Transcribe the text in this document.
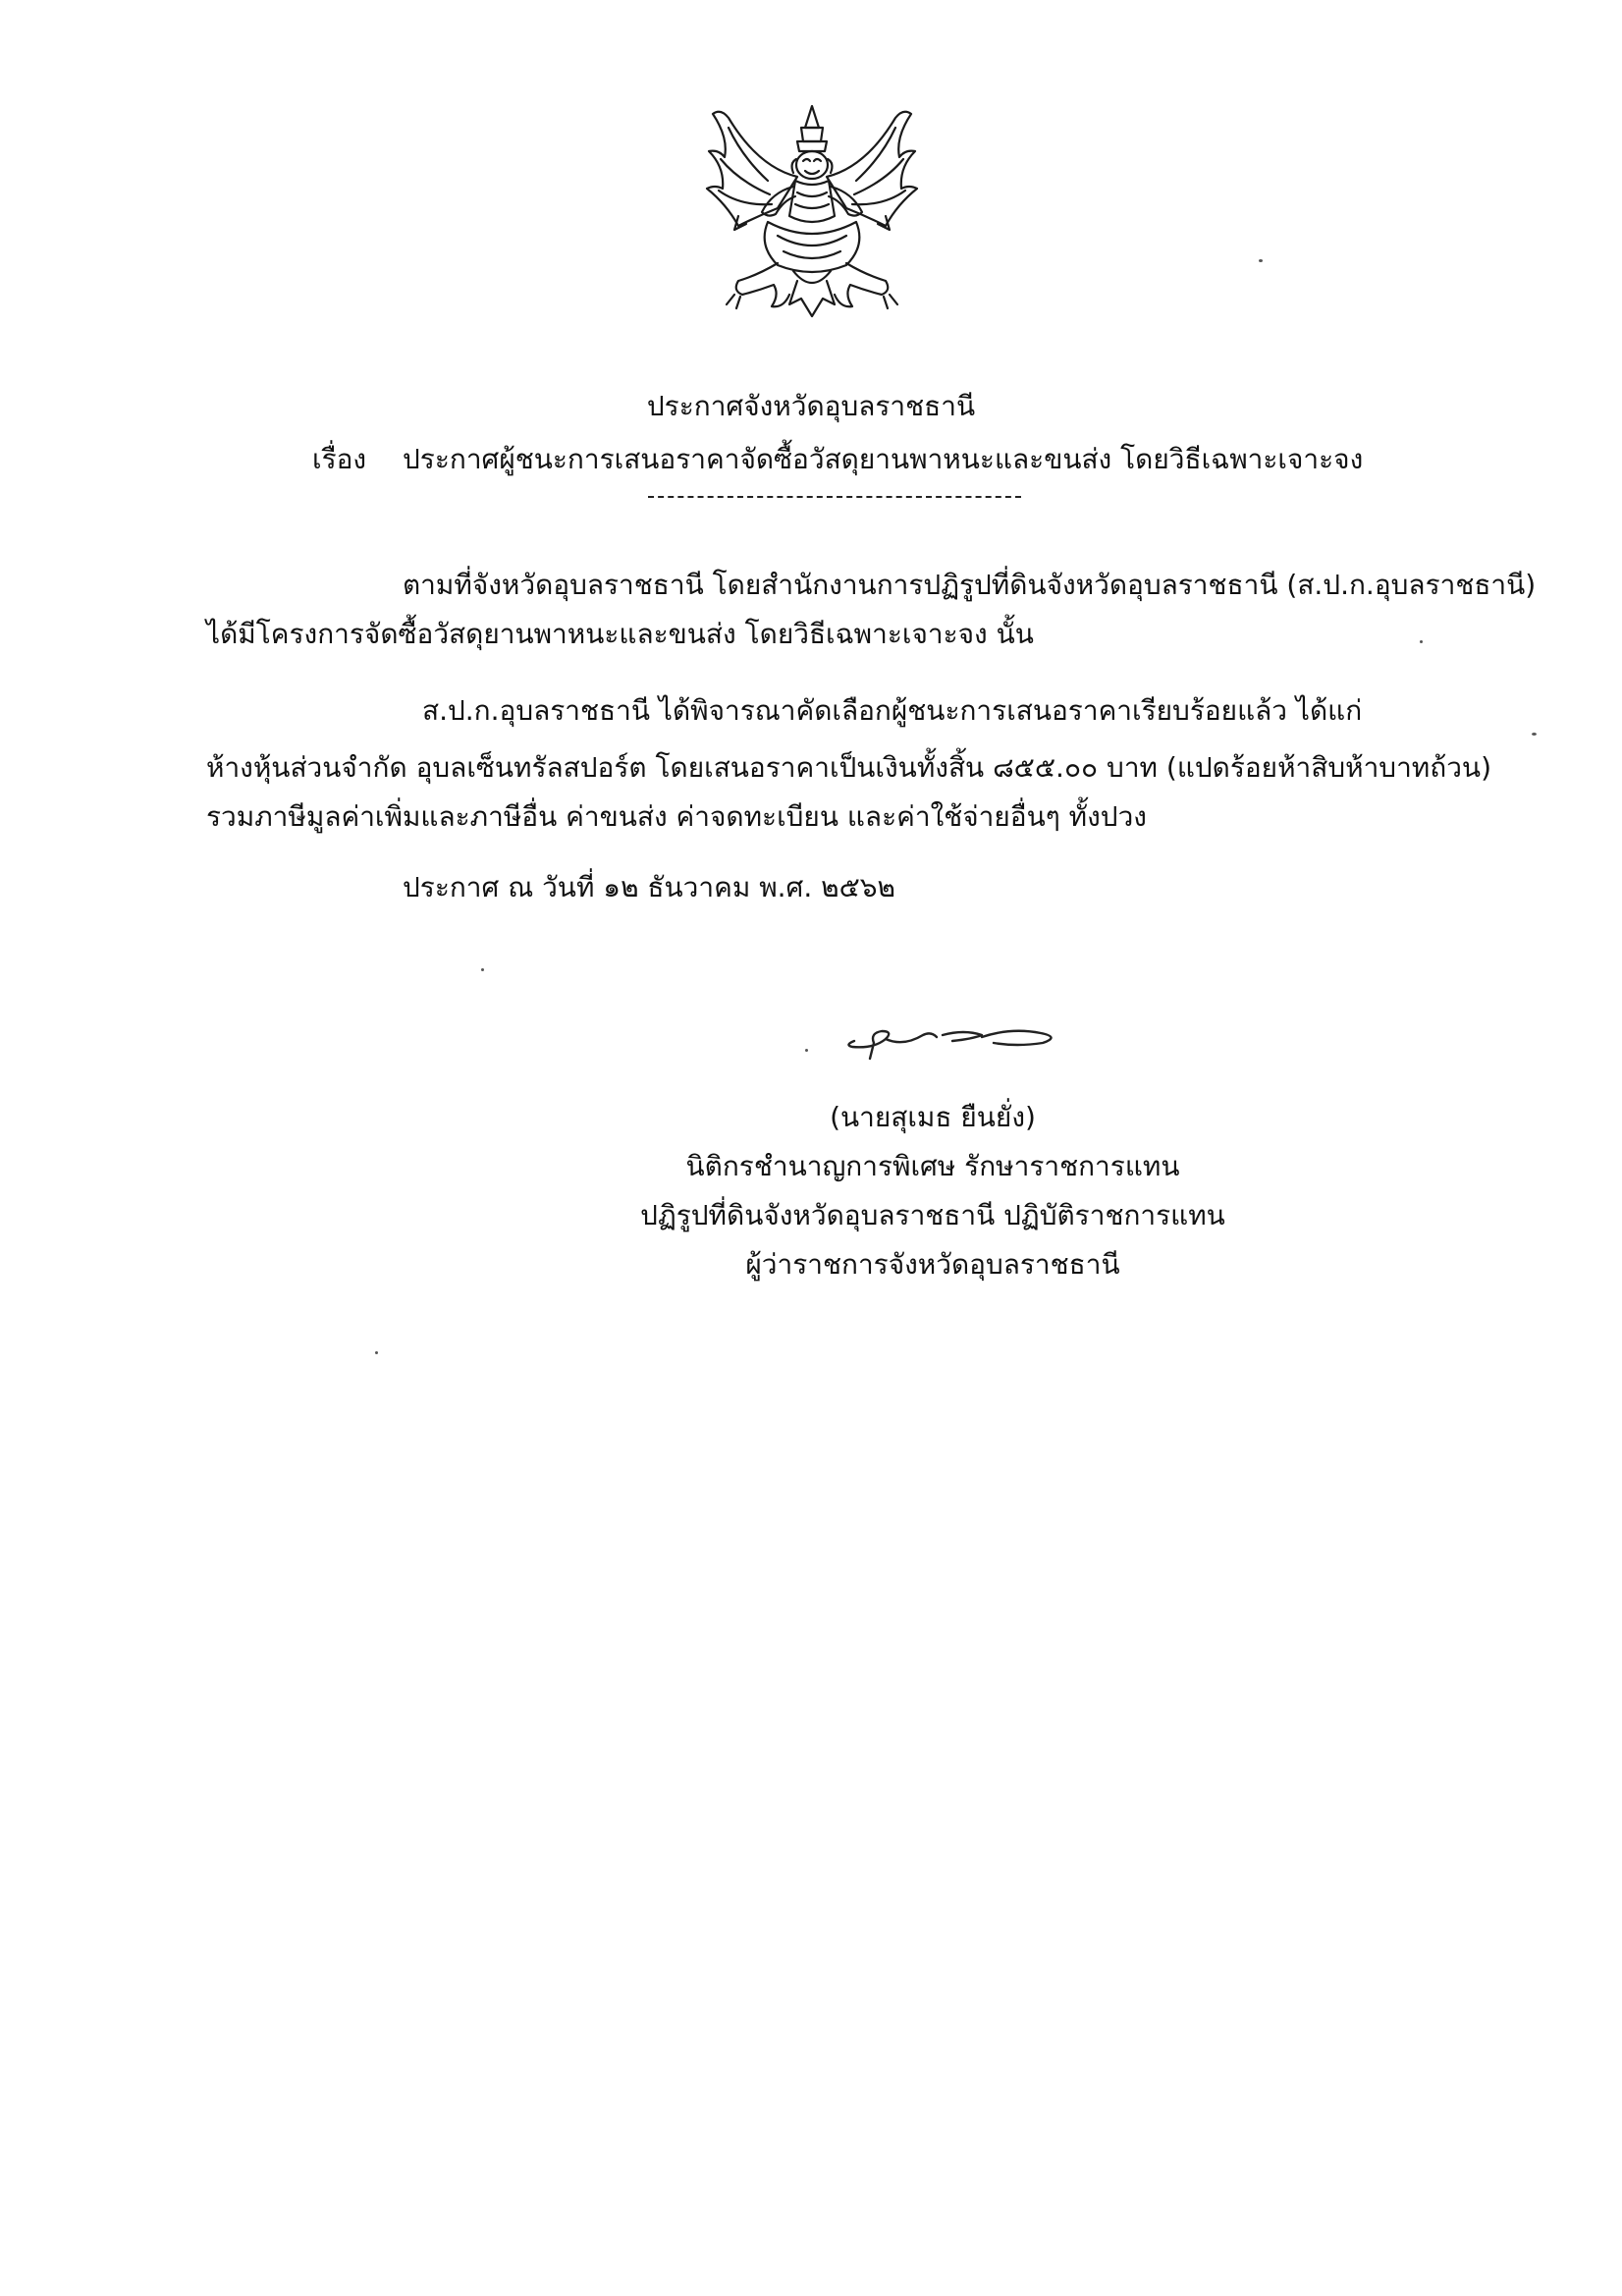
ประกาศจังหวัดอุบลราชธานี
เรื่อง ประกาศผู้ชนะการเสนอราคาจัดซื้อวัสดุยานพาหนะและขนส่ง โดยวิธีเฉพาะเจาะจง
ตามที่จังหวัดอุบลราชธานี โดยสำนักงานการปฏิรูปที่ดินจังหวัดอุบลราชธานี (ส.ป.ก.อุบลราชธานี)
ได้มีโครงการจัดซื้อวัสดุยานพาหนะและขนส่ง โดยวิธีเฉพาะเจาะจง นั้น
ส.ป.ก.อุบลราชธานี ได้พิจารณาคัดเลือกผู้ชนะการเสนอราคาเรียบร้อยแล้ว ได้แก่
ห้างหุ้นส่วนจำกัด อุบลเซ็นทรัลสปอร์ต โดยเสนอราคาเป็นเงินทั้งสิ้น ๘๕๕.๐๐ บาท (แปดร้อยห้าสิบห้าบาทถ้วน)
รวมภาษีมูลค่าเพิ่มและภาษีอื่น ค่าขนส่ง ค่าจดทะเบียน และค่าใช้จ่ายอื่นๆ ทั้งปวง
ประกาศ ณ วันที่ ๑๒ ธันวาคม พ.ศ. ๒๕๖๒
(นายสุเมธ ยืนยั่ง)
นิติกรชำนาญการพิเศษ รักษาราชการแทน
ปฏิรูปที่ดินจังหวัดอุบลราชธานี ปฏิบัติราชการแทน
ผู้ว่าราชการจังหวัดอุบลราชธานี
